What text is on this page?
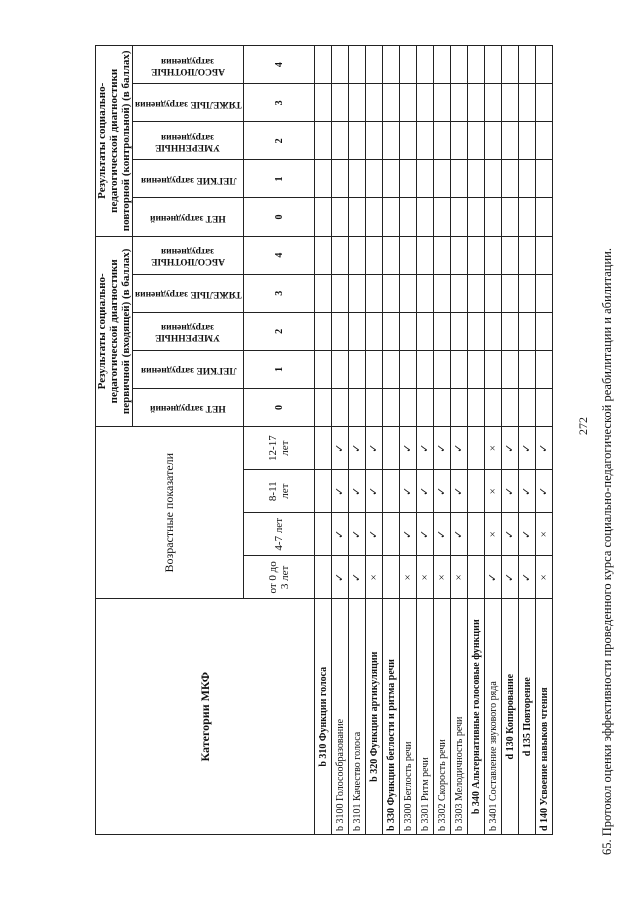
272 65. Протокол оценки эффективности проведенного курса социально-педагогической реабилитации и абилитации.
Категории МКФ	Возрастные показатели				Результаты социально-педагогической диагностики первичной (входящей) (в баллах)					Результаты социально-педагогической диагностики повторной (контрольной) (в баллах)				

					НЕТ затруднений	ЛЕГКИЕ затруднения	УМЕРЕННЫЕ затруднения	ТЯЖЕЛЫЕ затруднения	АБСОЛЮТНЫЕ затруднения	НЕТ затруднений	ЛЕГКИЕ затруднения	УМЕРЕННЫЕ затруднения	ТЯЖЕЛЫЕ затруднения	АБСОЛЮТНЫЕ затруднения

	от 0 до 3 лет	4-7 лет	8-11 лет	12-17 лет	0	1	2	3	4	0	1	2	3	4
b 310 Функции голоса														
b 3100 Голосообразование	✓	✓	✓	✓										
b 3101 Качество голоса	✓	✓	✓	✓										
b 320 Функции артикуляции	×	✓	✓	✓										
b 330 Функции беглости и ритма речи														
b 3300 Беглость речи	×	✓	✓	✓										
b 3301 Ритм речи	×	✓	✓	✓										
b 3302 Скорость речи	×	✓	✓	✓										
b 3303 Мелодичность речи	×	✓	✓	✓										
b 340 Альтернативные голосовые функции														
b 3401 Составление звукового ряда	✓	×	×	×										
d 130 Копирование	✓	✓	✓	✓										
d 135 Повторение	✓	✓	✓	✓										
d 140 Усвоение навыков чтения	×	×	✓	✓										
